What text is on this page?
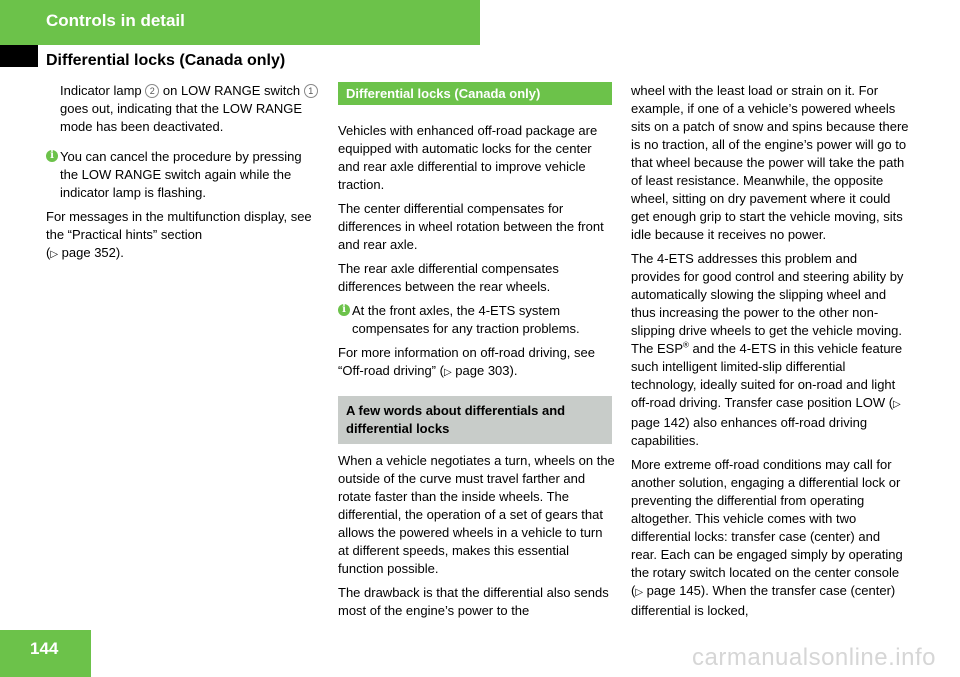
Controls in detail
Differential locks (Canada only)

Indicator lamp 2 on LOW RANGE switch 1 goes out, indicating that the LOW RANGE mode has been deactivated.

i You can cancel the procedure by pressing the LOW RANGE switch again while the indicator lamp is flashing.

For messages in the multifunction display, see the “Practical hints” section
(▷ page 352).

Differential locks (Canada only)

Vehicles with enhanced off-road package are equipped with automatic locks for the center and rear axle differential to improve vehicle traction.

The center differential compensates for differences in wheel rotation between the front and rear axle.

The rear axle differential compensates differences between the rear wheels.

i At the front axles, the 4-ETS system compensates for any traction problems.

For more information on off-road driving, see “Off-road driving” (▷ page 303).

A few words about differentials and differential locks

When a vehicle negotiates a turn, wheels on the outside of the curve must travel farther and rotate faster than the inside wheels. The differential, the operation of a set of gears that allows the powered wheels in a vehicle to turn at different speeds, makes this essential function possible.

The drawback is that the differential also sends most of the engine’s power to the

wheel with the least load or strain on it. For example, if one of a vehicle’s powered wheels sits on a patch of snow and spins because there is no traction, all of the engine’s power will go to that wheel because the power will take the path of least resistance. Meanwhile, the opposite wheel, sitting on dry pavement where it could get enough grip to start the vehicle moving, sits idle because it receives no power.

The 4-ETS addresses this problem and provides for good control and steering ability by automatically slowing the slipping wheel and thus increasing the power to the other non-slipping drive wheels to get the vehicle moving. The ESP® and the 4-ETS in this vehicle feature such intelligent limited-slip differential technology, ideally suited for on-road and light off-road driving. Transfer case position LOW (▷ page 142) also enhances off-road driving capabilities.

More extreme off-road conditions may call for another solution, engaging a differential lock or preventing the differential from operating altogether. This vehicle comes with two differential locks: transfer case (center) and rear. Each can be engaged simply by operating the rotary switch located on the center console (▷ page 145). When the transfer case (center) differential is locked,

144	carmanualsonline.info
